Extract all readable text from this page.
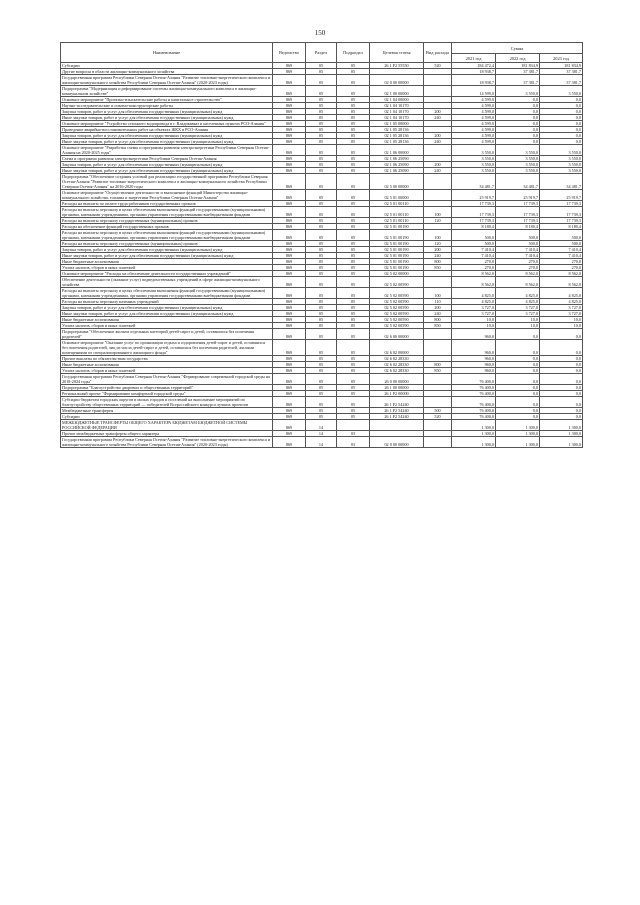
150
Наименование	Ведомство	Раздел	Подраздел	Целевая статья	Вид расхода	Сумма		
						2021 год	2022 год	2023 год
Субсидии	869	05	05	26 1 F2 55550	520	184 472,4	181 834,9	181 834,9
Другие вопросы в области жилищно-коммунального хозяйства	869	05	05			18 938,7	37 381,7	37 381,7
Государственная программа Республики Северная Осетия-Алания "Развитие топливно-энергетического комплекса и жилищно-коммунального хозяйства Республики Северная Осетия-Алания" (2020-2023 годы)	869	05	05	02 0 00 00000		18 938,7	37 381,7	37 381,7
Подпрограмма "Модернизация и реформирование системы жилищно-коммунального комплекса в жилищно-коммунальном хозяйстве"	869	05	05	02 1 00 00000		14 599,0	3 550,0	3 550,0
Основное мероприятие "Проектно-изыскательские работы и капитальное строительство"	869	05	05	02 1 04 00000		4 599,0	0,0	0,0
Научно-исследовательские и опытно-конструкторские работы	869	05	05	02 1 04 10170		4 599,0	0,0	0,0
Закупка товаров, работ и услуг для обеспечения государственных (муниципальных) нужд	869	05	05	02 1 04 10170	200	4 599,0	0,0	0,0
Иные закупки товаров, работ и услуг для обеспечения государственных (муниципальных) нужд	869	05	05	02 1 04 10170	240	4 599,0	0,0	0,0
Основное мероприятие "Устройство сезонного водопровода в г. Владикавказ и населенных пунктах РСО-Алания"	869	05	05	02 1 05 00000		4 599,0	0,0	0,0
Проведение аварийно-восстановительных работ на объектах ЖКХ в РСО-Алания	869	05	05	02 1 05 28136		4 599,0	0,0	0,0
Закупка товаров, работ и услуг для обеспечения государственных (муниципальных) нужд	869	05	05	02 1 05 28136	200	4 599,0	0,0	0,0
Иные закупки товаров, работ и услуг для обеспечения государственных (муниципальных) нужд	869	05	05	02 1 05 28136	240	4 599,0	0,0	0,0
Основное мероприятие "Разработка схемы и программы развития электроэнергетики Республики Северная Осетия-Алания на 2020-2025 годы"	869	05	05	02 1 06 00000		3 550,0	3 550,0	3 550,0
Схема и программа развития электроэнергетики Республики Северная Осетия-Алания	869	05	05	02 1 06 25090		3 550,0	3 550,0	3 550,0
Закупка товаров, работ и услуг для обеспечения государственных (муниципальных) нужд	869	05	05	02 1 06 25090	200	3 550,0	3 550,0	3 550,0
Иные закупки товаров, работ и услуг для обеспечения государственных (муниципальных) нужд	869	05	05	02 1 06 25090	240	3 550,0	3 550,0	3 550,0
Подпрограмма "Обеспечение создания условий для реализации государственной программы Республики Северная Осетия-Алания "Развитие топливно-энергетического комплекса и жилищно-коммунального хозяйства Республики Северная Осетия-Алания" на 2016-2020 годы	869	05	05	02 5 00 00000		34 481,7	34 481,7	34 481,7
Основное мероприятие "Осуществление деятельности и выполнение функций Министерства жилищно-коммунального хозяйства, топлива и энергетики Республики Северная Осетия-Алания"	869	05	05	02 5 01 00000		25 919,7	25 919,7	25 919,7
Расходы на выплаты по оплате труда работников государственных органов	869	05	05	02 5 01 00110		17 739,3	17 739,3	17 739,3
Расходы на выплаты персоналу в целях обеспечения выполнения функций государственными (муниципальными) органами, казенными учреждениями, органами управления государственными внебюджетными фондами	869	05	05	02 5 01 00110	100	17 739,3	17 739,3	17 739,3
Расходы на выплаты персоналу государственных (муниципальных) органов	869	05	05	02 5 01 00110	120	17 739,3	17 739,3	17 739,3
Расходы на обеспечение функций государственных органов	869	05	05	02 5 01 00190		8 180,4	8 180,4	8 180,4
Расходы на выплаты персоналу в целях обеспечения выполнения функций государственными (муниципальными) органами, казенными учреждениями, органами управления государственными внебюджетными фондами	869	05	05	02 5 01 00190	100	500,0	500,0	500,0
Расходы на выплаты персоналу государственных (муниципальных) органов	869	05	05	02 5 01 00190	120	500,0	500,0	500,0
Закупка товаров, работ и услуг для обеспечения государственных (муниципальных) нужд	869	05	05	02 5 01 00190	200	7 410,4	7 410,4	7 410,4
Иные закупки товаров, работ и услуг для обеспечения государственных (муниципальных) нужд	869	05	05	02 5 01 00190	240	7 410,4	7 410,4	7 410,4
Иные бюджетные ассигнования	869	05	05	02 5 01 00190	800	270,0	270,0	270,0
Уплата налогов, сборов и иных платежей	869	05	05	02 5 01 00190	850	270,0	270,0	270,0
Основное мероприятие "Расходы на обеспечение деятельности государственных учреждений"	869	05	05	02 5 02 00000		8 562,0	8 562,0	8 562,0
Обеспечение деятельности (оказание услуг) подведомственных учреждений в сфере жилищно-коммунального хозяйства	869	05	05	02 5 02 00590		8 562,0	8 562,0	8 562,0
Расходы на выплаты персоналу в целях обеспечения выполнения функций государственными (муниципальными) органами, казенными учреждениями, органами управления государственными внебюджетными фондами	869	05	05	02 5 02 00590	100	4 825,0	4 825,0	4 825,0
Расходы на выплаты персоналу казенных учреждений	869	05	05	02 5 02 00590	110	4 825,0	4 825,0	4 825,0
Закупка товаров, работ и услуг для обеспечения государственных (муниципальных) нужд	869	05	05	02 5 02 00590	200	3 727,0	3 727,0	3 727,0
Иные закупки товаров, работ и услуг для обеспечения государственных (муниципальных) нужд	869	05	05	02 5 02 00590	240	3 727,0	3 727,0	3 727,0
Иные бюджетные ассигнования	869	05	05	02 5 02 00590	800	10,0	10,0	10,0
Уплата налогов, сборов и иных платежей	869	05	05	02 5 02 00590	850	10,0	10,0	10,0
Подпрограмма "Обеспечение жильем отдельных категорий детей-сирот и детей, оставшихся без попечения родителей"	869	05	05	02 6 00 00000		960,0	0,0	0,0
Основное мероприятие "Оказание услуг по организации отдыха и оздоровления детей-сирот и детей, оставшихся без попечения родителей, лиц из числа детей-сирот и детей, оставшихся без попечения родителей, жилыми помещениями из специализированного жилищного фонда"	869	05	05	02 6 02 00000		960,0	0,0	0,0
Прочие выплаты по обязательствам государства	869	05	05	02 6 02 28330		960,0	0,0	0,0
Иные бюджетные ассигнования	869	05	05	02 6 02 28330	800	960,0	0,0	0,0
Уплата налогов, сборов и иных платежей	869	05	05	02 6 02 28330	850	960,0	0,0	0,0
Государственная программа Республики Северная Осетия-Алания "Формирование современной городской среды на 2018-2024 годы"	869	05	05	26 0 00 00000		76 400,0	0,0	0,0
Подпрограмма "Благоустройство дворовых и общественных территорий"	869	05	05	26 1 00 00000		76 400,0	0,0	0,0
Региональный проект "Формирование комфортной городской среды"	869	05	05	26 1 F2 00000		76 400,0	0,0	0,0
Субсидии бюджетам городских округов и малых городов и поселений на выполнение мероприятий по благоустройству общественных территорий — победителей Всероссийского конкурса лучших проектов	869	05	05	26 1 F2 54240		76 400,0	0,0	0,0
Межбюджетные трансферты	869	05	05	26 1 F2 54240	500	76 400,0	0,0	0,0
Субсидии	869	05	05	26 1 F2 54240	520	76 400,0	0,0	0,0
МЕЖБЮДЖЕТНЫЕ ТРАНСФЕРТЫ ОБЩЕГО ХАРАКТЕРА БЮДЖЕТАМ БЮДЖЕТНОЙ СИСТЕМЫ РОССИЙСКОЙ ФЕДЕРАЦИИ	869	14				1 300,0	1 300,0	1 300,0
Прочие межбюджетные трансферты общего характера	869	14	03			1 300,0	1 300,0	1 300,0
Государственная программа Республики Северная Осетия-Алания "Развитие топливно-энергетического комплекса и жилищно-коммунального хозяйства Республики Северная Осетия-Алания" (2020-2023 годы)	869	14	03	02 0 00 00000		1 300,0	1 300,0	1 300,0
